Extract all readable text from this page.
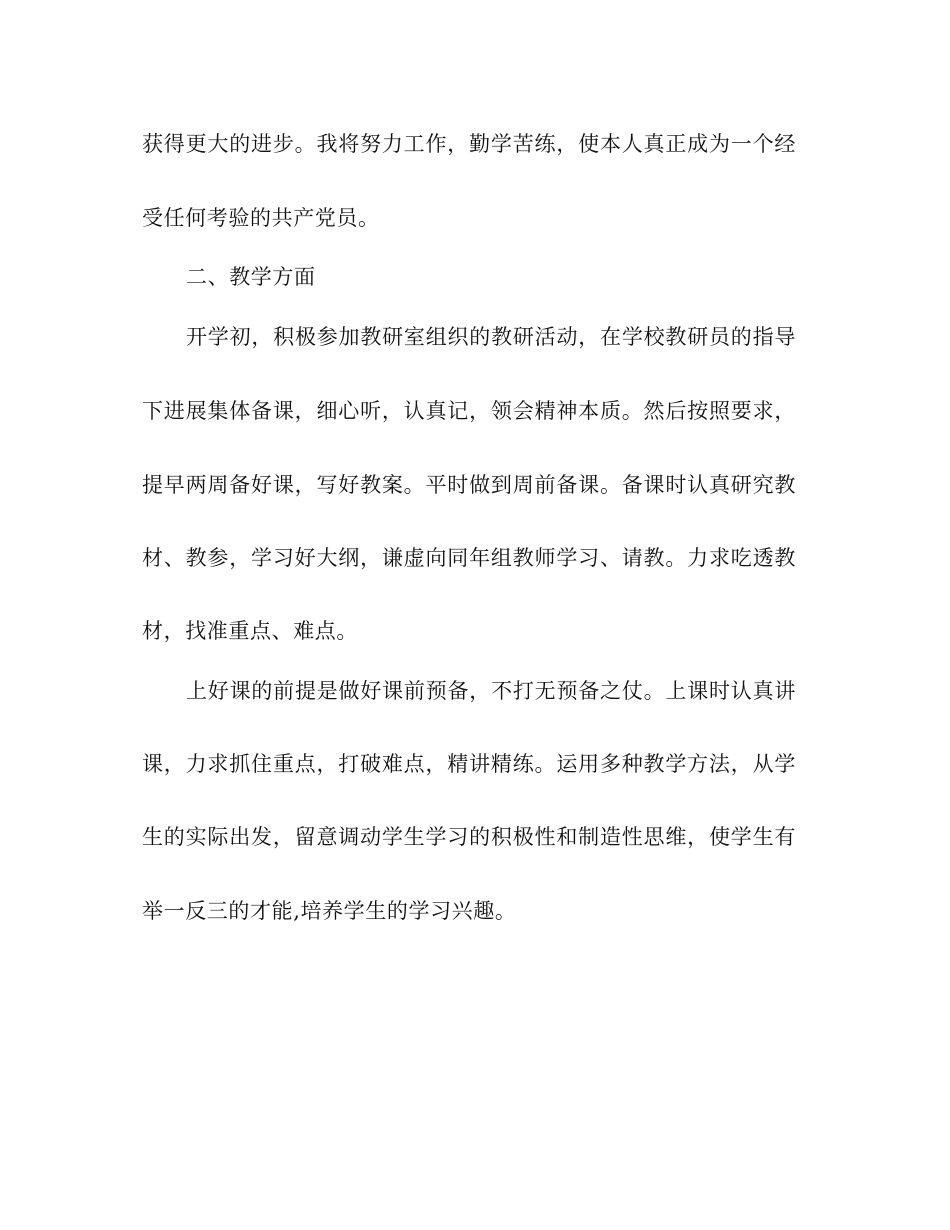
获得更大的进步。我将努力工作，勤学苦练，使本人真正成为一个经

受任何考验的共产党员。

二、教学方面

开学初，积极参加教研室组织的教研活动，在学校教研员的指导

下进展集体备课，细心听，认真记，领会精神本质。然后按照要求，

提早两周备好课，写好教案。平时做到周前备课。备课时认真研究教

材、教参，学习好大纲，谦虚向同年组教师学习、请教。力求吃透教

材，找准重点、难点。

上好课的前提是做好课前预备，不打无预备之仗。上课时认真讲

课，力求抓住重点，打破难点，精讲精练。运用多种教学方法，从学

生的实际出发，留意调动学生学习的积极性和制造性思维，使学生有

举一反三的才能,培养学生的学习兴趣。
